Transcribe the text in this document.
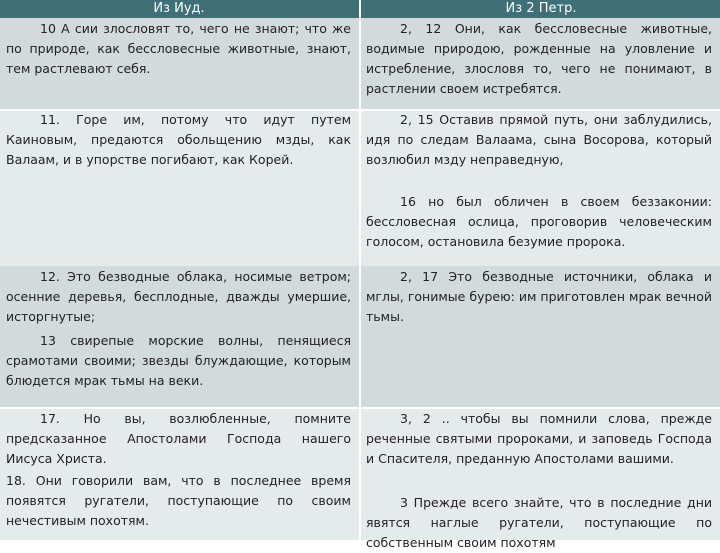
Из Иуд.	Из 2 Петр.
10 А сии злословят то, чего не знают; что же по природе, как бессловесные животные, знают, тем растлевают себя.
2, 12 Они, как бессловесные животные, водимые природою, рожденные на уловление и истребление, злословя то, чего не понимают, в растлении своем истребятся.
11. Горе им, потому что идут путем Каиновым, предаются обольщению мзды, как Валаам, и в упорстве погибают, как Корей.
2, 15 Оставив прямой путь, они заблудились, идя по следам Валаама, сына Восорова, который возлюбил мзду неправедную,
16 но был обличен в своем беззаконии: бессловесная ослица, проговорив человеческим голосом, остановила безумие пророка.
12. Это безводные облака, носимые ветром; осенние деревья, бесплодные, дважды умершие, исторгнутые;
13 свирепые морские волны, пенящиеся срамотами своими; звезды блуждающие, которым блюдется мрак тьмы на веки.
2, 17 Это безводные источники, облака и мглы, гонимые бурею: им приготовлен мрак вечной тьмы.
17. Но вы, возлюбленные, помните предсказанное Апостолами Господа нашего Иисуса Христа.
18. Они говорили вам, что в последнее время появятся ругатели, поступающие по своим нечестивым похотям.
3, 2 .. чтобы вы помнили слова, прежде реченные святыми пророками, и заповедь Господа и Спасителя, преданную Апостолами вашими.
3 Прежде всего знайте, что в последние дни явятся наглые ругатели, поступающие по собственным своим похотям
